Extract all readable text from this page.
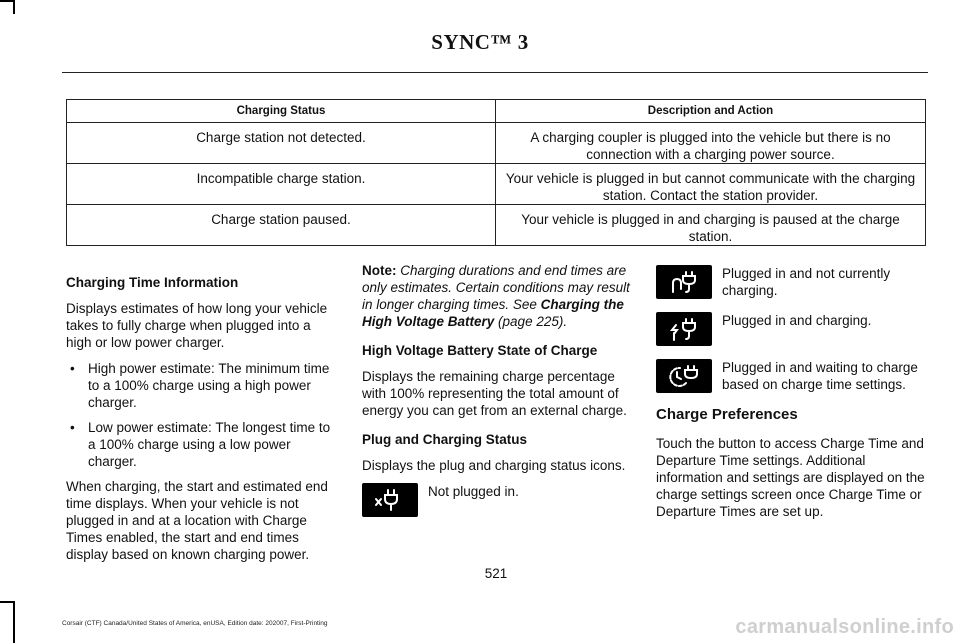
SYNC™ 3
Charging Status	Description and Action
Charge station not detected.	A charging coupler is plugged into the vehicle but there is no connection with a charging power source.
Incompatible charge station.	Your vehicle is plugged in but cannot communicate with the charging station. Contact the station provider.
Charge station paused.	Your vehicle is plugged in and charging is paused at the charge station.

Charging Time Information

Displays estimates of how long your vehicle takes to fully charge when plugged into a high or low power charger.

• High power estimate: The minimum time to a 100% charge using a high power charger.
• Low power estimate: The longest time to a 100% charge using a low power charger.

When charging, the start and estimated end time displays. When your vehicle is not plugged in and at a location with Charge Times enabled, the start and end times display based on known charging power.

Note: Charging durations and end times are only estimates. Certain conditions may result in longer charging times. See Charging the High Voltage Battery (page 225).

High Voltage Battery State of Charge

Displays the remaining charge percentage with 100% representing the total amount of energy you can get from an external charge.

Plug and Charging Status

Displays the plug and charging status icons.

Not plugged in.
Plugged in and not currently charging.
Plugged in and charging.
Plugged in and waiting to charge based on charge time settings.
Charge Preferences

Touch the button to access Charge Time and Departure Time settings. Additional information and settings are displayed on the charge settings screen once Charge Time or Departure Times are set up.

521
Corsair (CTF) Canada/United States of America, enUSA, Edition date: 202007, First-Printing	carmanualsonline.info
